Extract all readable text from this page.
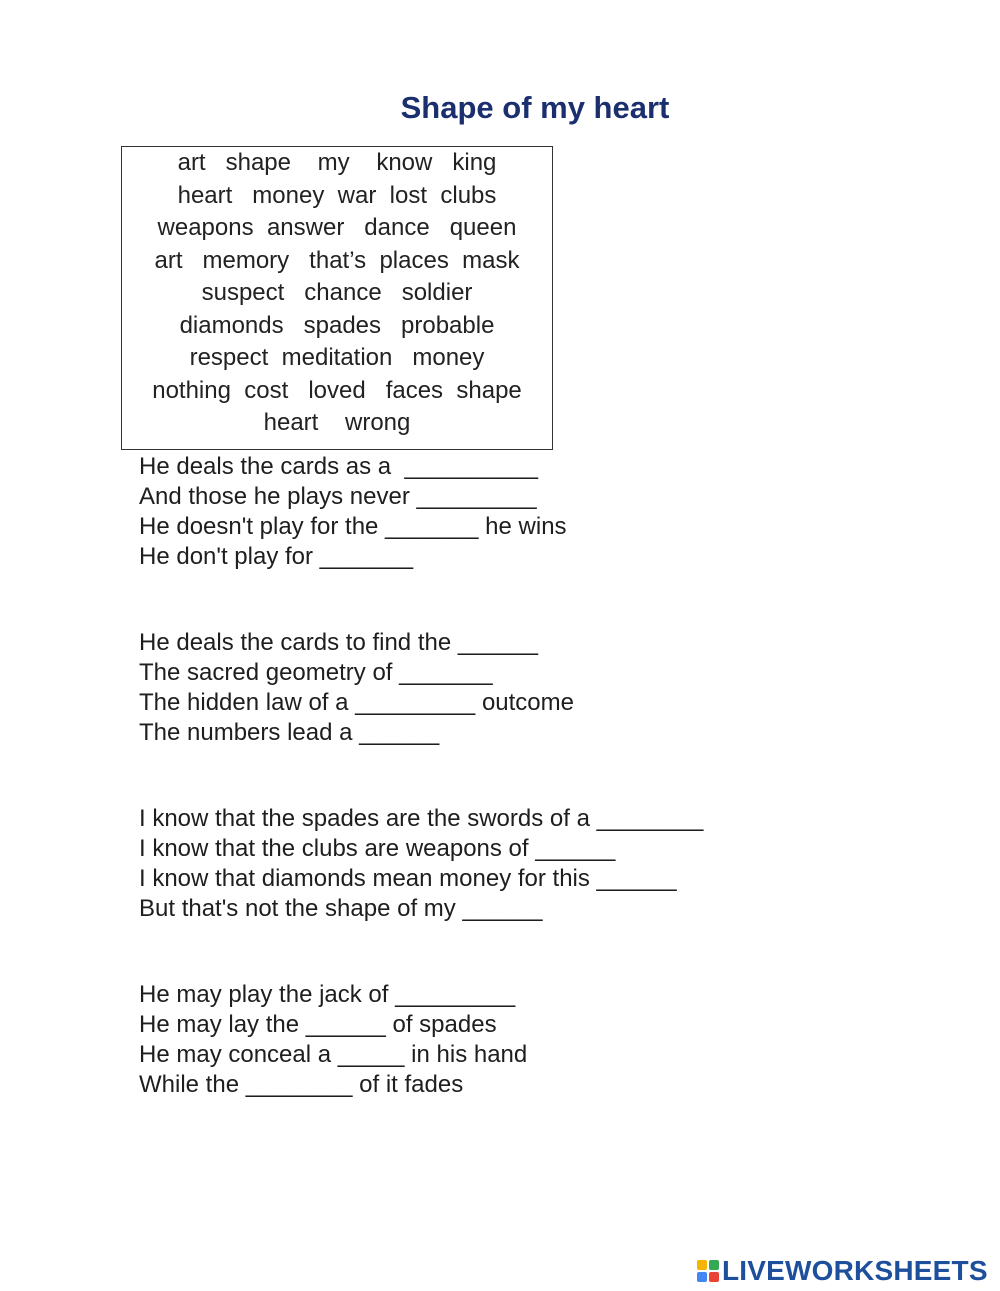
Shape of my heart
art   shape    my    know   king
heart   money  war  lost  clubs
weapons  answer   dance   queen
art   memory   that’s  places  mask
suspect   chance   soldier
diamonds   spades   probable
respect  meditation   money
nothing  cost   loved   faces  shape
heart    wrong
He deals the cards as a  __________
And those he plays never _________
He doesn't play for the _______ he wins
He don't play for _______
He deals the cards to find the ______
The sacred geometry of _______
The hidden law of a _________ outcome
The numbers lead a ______
I know that the spades are the swords of a ________
I know that the clubs are weapons of ______
I know that diamonds mean money for this ______
But that's not the shape of my ______
He may play the jack of _________
He may lay the ______ of spades
He may conceal a _____ in his hand
While the ________ of it fades
LIVEWORKSHEETS
